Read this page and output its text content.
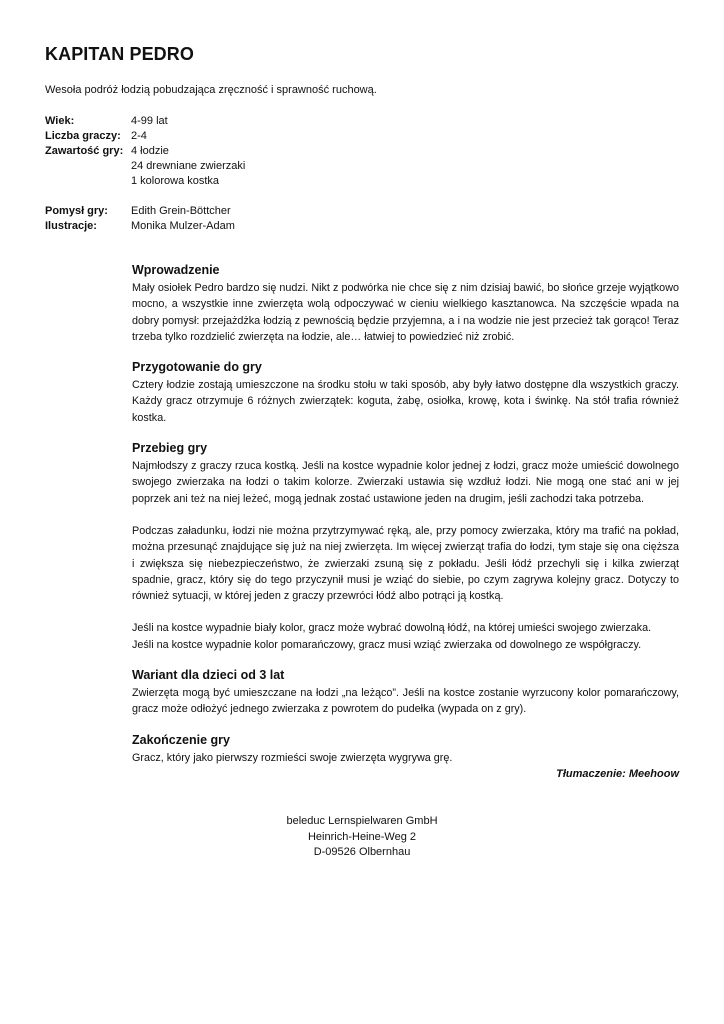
KAPITAN PEDRO
Wesoła podróż łodzią pobudzająca zręczność i sprawność ruchową.
Wiek:	4-99 lat
Liczba graczy: 2-4
Zawartość gry: 4 łodzie
24 drewniane zwierzaki
1 kolorowa kostka
Pomysł gry:	Edith Grein-Böttcher
Ilustracje:	Monika Mulzer-Adam
Wprowadzenie

Mały osiołek Pedro bardzo się nudzi. Nikt z podwórka nie chce się z nim dzisiaj bawić, bo słońce grzeje wyjątkowo mocno, a wszystkie inne zwierzęta wolą odpoczywać w cieniu wielkiego kasztanowca. Na szczęście wpada na dobry pomysł: przejażdżka łodzią z pewnością będzie przyjemna, a i na wodzie nie jest przecież tak gorąco! Teraz trzeba tylko rozdzielić zwierzęta na łodzie, ale… łatwiej to powiedzieć niż zrobić.

Przygotowanie do gry

Cztery łodzie zostają umieszczone na środku stołu w taki sposób, aby były łatwo dostępne dla wszystkich graczy. Każdy gracz otrzymuje 6 różnych zwierzątek: koguta, żabę, osiołka, krowę, kota i świnkę. Na stół trafia również kostka.

Przebieg gry

Najmłodszy z graczy rzuca kostką. Jeśli na kostce wypadnie kolor jednej z łodzi, gracz może umieścić dowolnego swojego zwierzaka na łodzi o takim kolorze. Zwierzaki ustawia się wzdłuż łodzi. Nie mogą one stać ani w jej poprzek ani też na niej leżeć, mogą jednak zostać ustawione jeden na drugim, jeśli zachodzi taka potrzeba.

Podczas załadunku, łodzi nie można przytrzymywać ręką, ale, przy pomocy zwierzaka, który ma trafić na pokład, można przesunąć znajdujące się już na niej zwierzęta. Im więcej zwierząt trafia do łodzi, tym staje się ona cięższa i zwiększa się niebezpieczeństwo, że zwierzaki zsuną się z pokładu. Jeśli łódź przechyli się i kilka zwierząt spadnie, gracz, który się do tego przyczynił musi je wziąć do siebie, po czym zagrywa kolejny gracz. Dotyczy to również sytuacji, w której jeden z graczy przewróci łódź albo potrąci ją kostką.

Jeśli na kostce wypadnie biały kolor, gracz może wybrać dowolną łódź, na której umieści swojego zwierzaka.

Jeśli na kostce wypadnie kolor pomarańczowy, gracz musi wziąć zwierzaka od dowolnego ze współgraczy.

Wariant dla dzieci od 3 lat

Zwierzęta mogą być umieszczane na łodzi „na leżąco”. Jeśli na kostce zostanie wyrzucony kolor pomarańczowy, gracz może odłożyć jednego zwierzaka z powrotem do pudełka (wypada on z gry).

Zakończenie gry

Gracz, który jako pierwszy rozmieści swoje zwierzęta wygrywa grę.

Tłumaczenie: Meehoow
beleduc Lernspielwaren GmbH
Heinrich-Heine-Weg 2
D-09526 Olbernhau
